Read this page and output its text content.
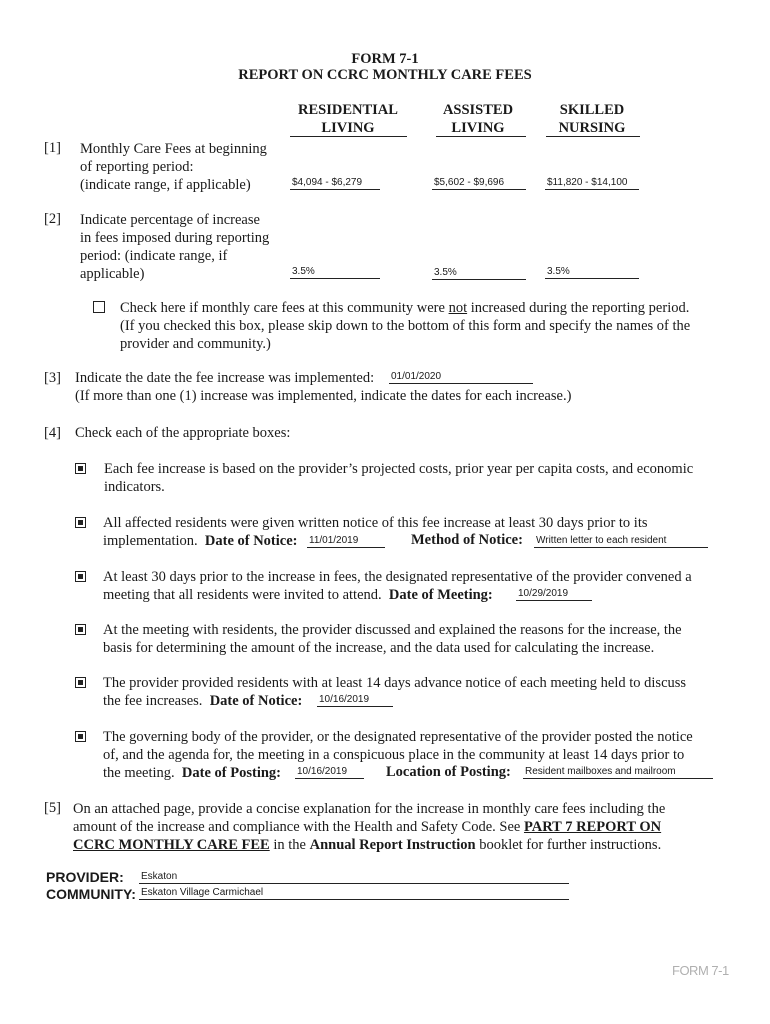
FORM 7-1
REPORT ON CCRC MONTHLY CARE FEES
RESIDENTIAL
LIVING
ASSISTED
LIVING
SKILLED
NURSING
[1] Monthly Care Fees at beginning
of reporting period:
(indicate range, if applicable)	$4,094 - $6,279	$5,602 - $9,696	$11,820 - $14,100
[2] Indicate percentage of increase
in fees imposed during reporting
period: (indicate range, if
applicable)	3.5%	3.5%	3.5%
Check here if monthly care fees at this community were not increased during the reporting period.
(If you checked this box, please skip down to the bottom of this form and specify the names of the
provider and community.)
[3] Indicate the date the fee increase was implemented: 01/01/2020
(If more than one (1) increase was implemented, indicate the dates for each increase.)
[4] Check each of the appropriate boxes:
Each fee increase is based on the provider’s projected costs, prior year per capita costs, and economic
indicators.
All affected residents were given written notice of this fee increase at least 30 days prior to its
implementation. Date of Notice:	11/01/2019	Method of Notice: Written letter to each resident
At least 30 days prior to the increase in fees, the designated representative of the provider convened a
meeting that all residents were invited to attend. Date of Meeting:	10/29/2019
At the meeting with residents, the provider discussed and explained the reasons for the increase, the
basis for determining the amount of the increase, and the data used for calculating the increase.
The provider provided residents with at least 14 days advance notice of each meeting held to discuss
the fee increases. Date of Notice:	10/16/2019
The governing body of the provider, or the designated representative of the provider posted the notice
of, and the agenda for, the meeting in a conspicuous place in the community at least 14 days prior to
the meeting. Date of Posting:	10/16/2019	Location of Posting: Resident mailboxes and mailroom
[5] On an attached page, provide a concise explanation for the increase in monthly care fees including the
amount of the increase and compliance with the Health and Safety Code. See PART 7 REPORT ON
CCRC MONTHLY CARE FEE in the Annual Report Instruction booklet for further instructions.
PROVIDER: Eskaton
COMMUNITY: Eskaton Village Carmichael
FORM 7-1
